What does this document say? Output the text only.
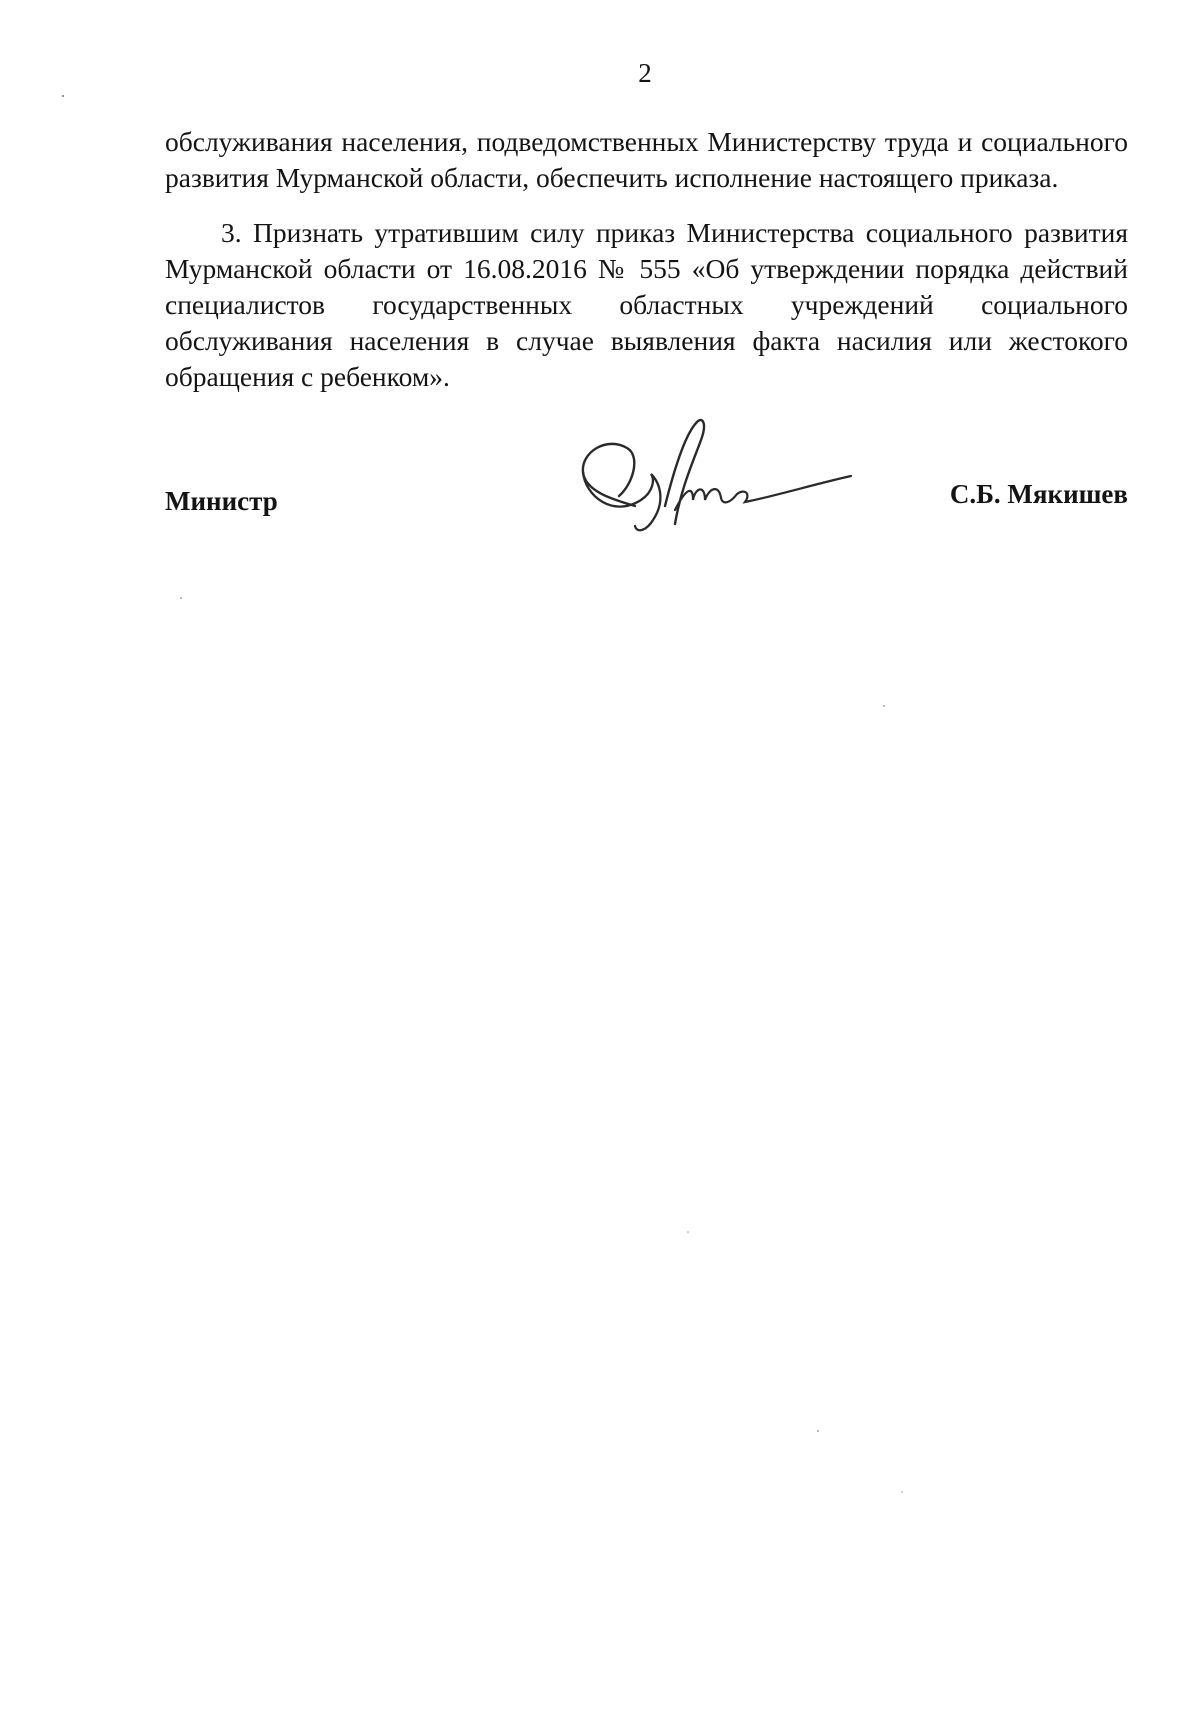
2

обслуживания населения, подведомственных Министерству труда и социального развития Мурманской области, обеспечить исполнение настоящего приказа.

3. Признать утратившим силу приказ Министерства социального развития Мурманской области от 16.08.2016 № 555 «Об утверждении порядка действий специалистов государственных областных учреждений социального обслуживания населения в случае выявления факта насилия или жестокого обращения с ребенком».

Министр	С.Б. Мякишев
